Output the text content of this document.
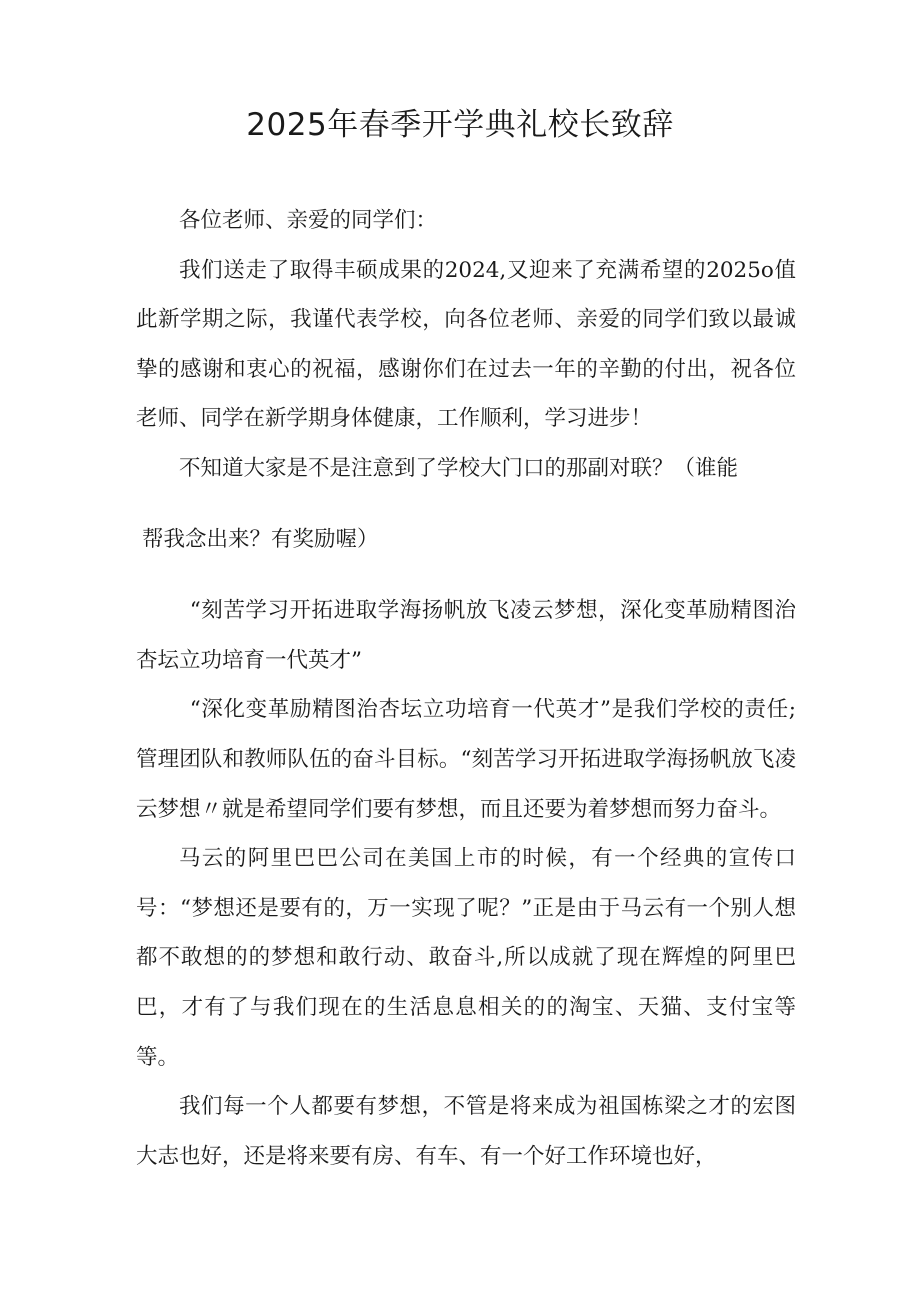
2025年春季开学典礼校长致辞

各位老师、亲爱的同学们：

我们送走了取得丰硕成果的2024,又迎来了充满希望的2025o值此新学期之际，我谨代表学校，向各位老师、亲爱的同学们致以最诚挚的感谢和衷心的祝福，感谢你们在过去一年的辛勤的付出，祝各位老师、同学在新学期身体健康，工作顺利，学习进步！

不知道大家是不是注意到了学校大门口的那副对联？（谁能

帮我念出来？有奖励喔）

“刻苦学习开拓进取学海扬帆放飞凌云梦想，深化变革励精图治杏坛立功培育一代英才”

“深化变革励精图治杏坛立功培育一代英才”是我们学校的责任;管理团队和教师队伍的奋斗目标。“刻苦学习开拓进取学海扬帆放飞凌云梦想〃就是希望同学们要有梦想，而且还要为着梦想而努力奋斗。

马云的阿里巴巴公司在美国上市的时候，有一个经典的宣传口号：“梦想还是要有的，万一实现了呢？”正是由于马云有一个别人想都不敢想的的梦想和敢行动、敢奋斗,所以成就了现在辉煌的阿里巴巴，才有了与我们现在的生活息息相关的的淘宝、天猫、支付宝等等。

我们每一个人都要有梦想，不管是将来成为祖国栋梁之才的宏图大志也好，还是将来要有房、有车、有一个好工作环境也好，
